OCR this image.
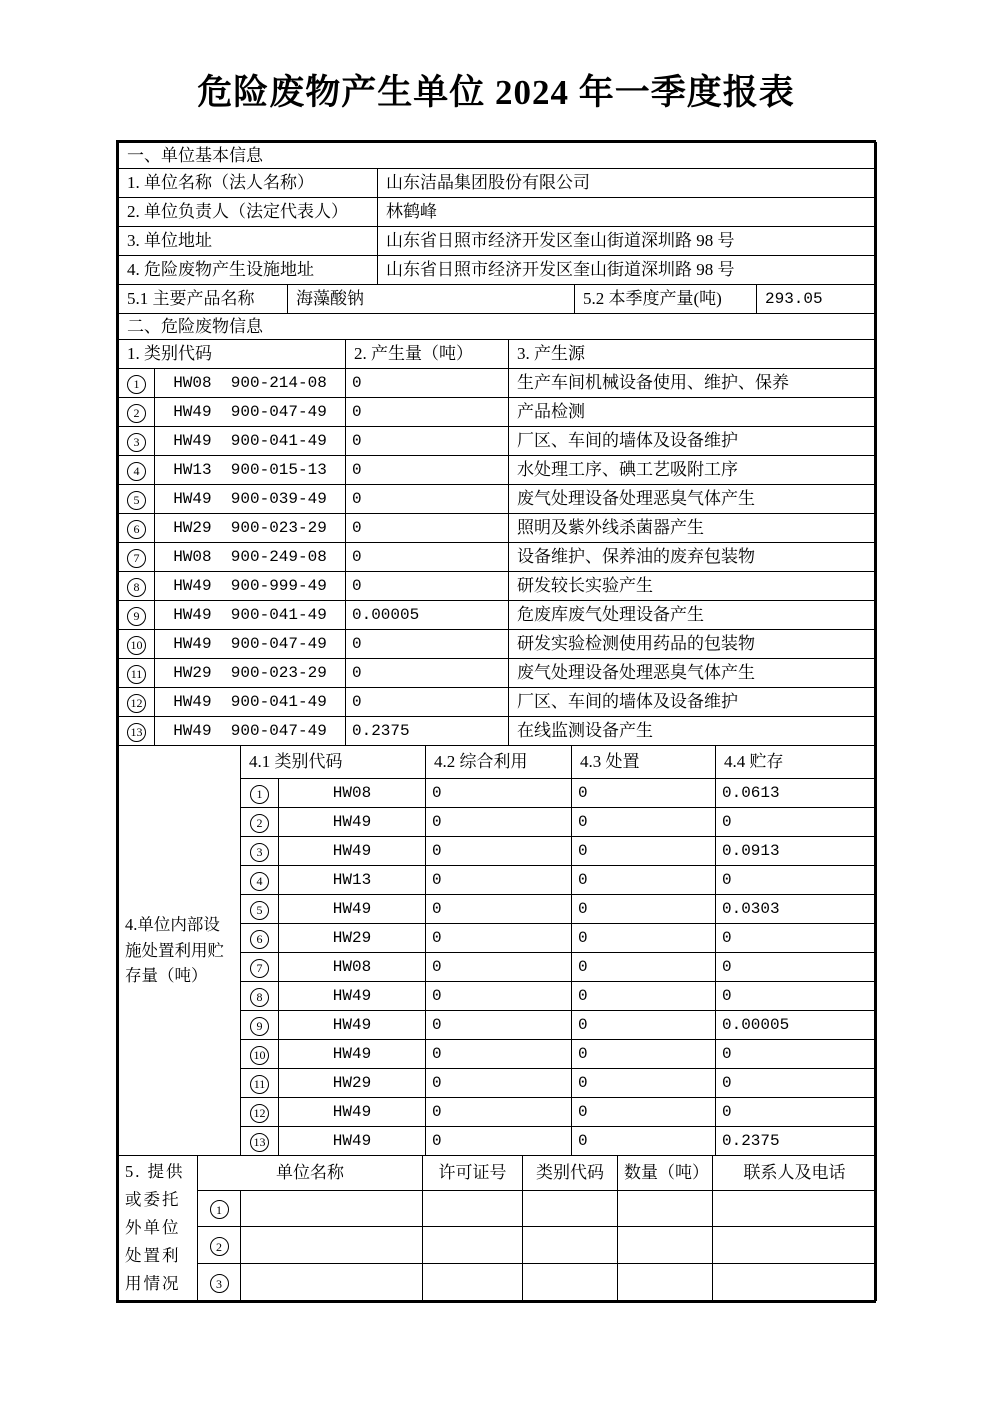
危险废物产生单位 2024 年一季度报表
一、单位基本信息
1. 单位名称（法人名称）	山东洁晶集团股份有限公司
2. 单位负责人（法定代表人）	林鹤峰
3. 单位地址	山东省日照市经济开发区奎山街道深圳路 98 号
4. 危险废物产生设施地址	山东省日照市经济开发区奎山街道深圳路 98 号
5.1 主要产品名称	海藻酸钠	5.2 本季度产量(吨)	293.05
二、危险废物信息
1. 类别代码	2. 产生量（吨）	3. 产生源
1	HW08  900-214-08	0	生产车间机械设备使用、维护、保养
2	HW49  900-047-49	0	产品检测
3	HW49  900-041-49	0	厂区、车间的墙体及设备维护
4	HW13  900-015-13	0	水处理工序、碘工艺吸附工序
5	HW49  900-039-49	0	废气处理设备处理恶臭气体产生
6	HW29  900-023-29	0	照明及紫外线杀菌器产生
7	HW08  900-249-08	0	设备维护、保养油的废弃包装物
8	HW49  900-999-49	0	研发较长实验产生
9	HW49  900-041-49	0.00005	危废库废气处理设备产生
10	HW49  900-047-49	0	研发实验检测使用药品的包装物
11	HW29  900-023-29	0	废气处理设备处理恶臭气体产生
12	HW49  900-041-49	0	厂区、车间的墙体及设备维护
13	HW49  900-047-49	0.2375	在线监测设备产生
4.单位内部设施处置利用贮存量（吨）	4.1 类别代码		4.2 综合利用	4.3 处置	4.4 贮存
	1	HW08	0	0	0.0613
	2	HW49	0	0	0
	3	HW49	0	0	0.0913
	4	HW13	0	0	0
	5	HW49	0	0	0.0303
	6	HW29	0	0	0
	7	HW08	0	0	0
	8	HW49	0	0	0
	9	HW49	0	0	0.00005
	10	HW49	0	0	0
	11	HW29	0	0	0
	12	HW49	0	0	0
	13	HW49	0	0	0.2375
5. 提供或委托外单位处置利用情况	单位名称		许可证号	类别代码	数量（吨）	联系人及电话
	1					
	2					
	3					
